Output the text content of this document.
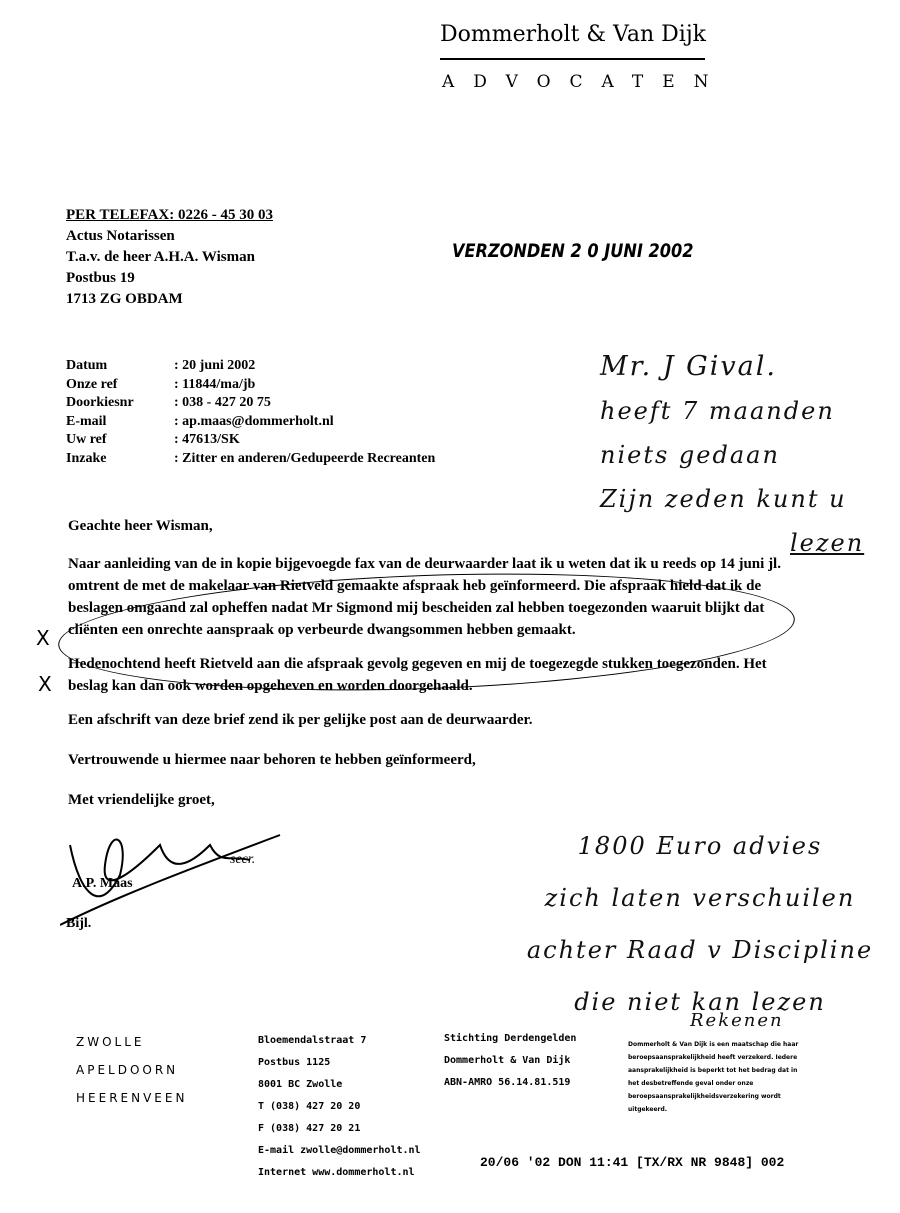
Dommerholt & Van Dijk
ADVOCATEN
PER TELEFAX: 0226 - 45 30 03
Actus Notarissen
T.a.v. de heer A.H.A. Wisman
Postbus 19
1713 ZG OBDAM
VERZONDEN 2 0 JUNI 2002
Datum	: 20 juni 2002
Onze ref	: 11844/ma/jb
Doorkiesnr	: 038 - 427 20 75
E-mail	: ap.maas@dommerholt.nl
Uw ref	: 47613/SK
Inzake	: Zitter en anderen/Gedupeerde Recreanten

Geachte heer Wisman,

Naar aanleiding van de in kopie bijgevoegde fax van de deurwaarder laat ik u weten dat ik u reeds op 14 juni jl. omtrent de met de makelaar van Rietveld gemaakte afspraak heb geïnformeerd. Die afspraak hield dat ik de beslagen omgaand zal opheffen nadat Mr Sigmond mij bescheiden zal hebben toegezonden waaruit blijkt dat cliënten een onrechte aanspraak op verbeurde dwangsommen hebben gemaakt.

Hedenochtend heeft Rietveld aan die afspraak gevolg gegeven en mij de toegezegde stukken toegezonden. Het beslag kan dan ook worden opgeheven en worden doorgehaald.

Een afschrift van deze brief zend ik per gelijke post aan de deurwaarder.

Vertrouwende u hiermee naar behoren te hebben geïnformeerd,

Met vriendelijke groet,

X
X
secr.
A.P. Maas
Bijl.
Mr. J Gival.
heeft 7 maanden
niets gedaan
Zijn zeden kunt u
lezen
1800 Euro advies
zich laten verschuilen
achter Raad v Discipline
die niet kan lezen
Rekenen
ZWOLLE
APELDOORN
HEERENVEEN
Bloemendalstraat 7
Postbus 1125
8001 BC Zwolle
T (038) 427 20 20
F (038) 427 20 21
E-mail zwolle@dommerholt.nl
Internet www.dommerholt.nl
Stichting Derdengelden
Dommerholt & Van Dijk
ABN-AMRO 56.14.81.519
Dommerholt & Van Dijk is een maatschap die haar beroepsaansprakelijkheid heeft verzekerd. Iedere aansprakelijkheid is beperkt tot het bedrag dat in het desbetreffende geval onder onze beroepsaansprakelijkheidsverzekering wordt uitgekeerd.
20/06 '02 DON 11:41 [TX/RX NR 9848] 002
